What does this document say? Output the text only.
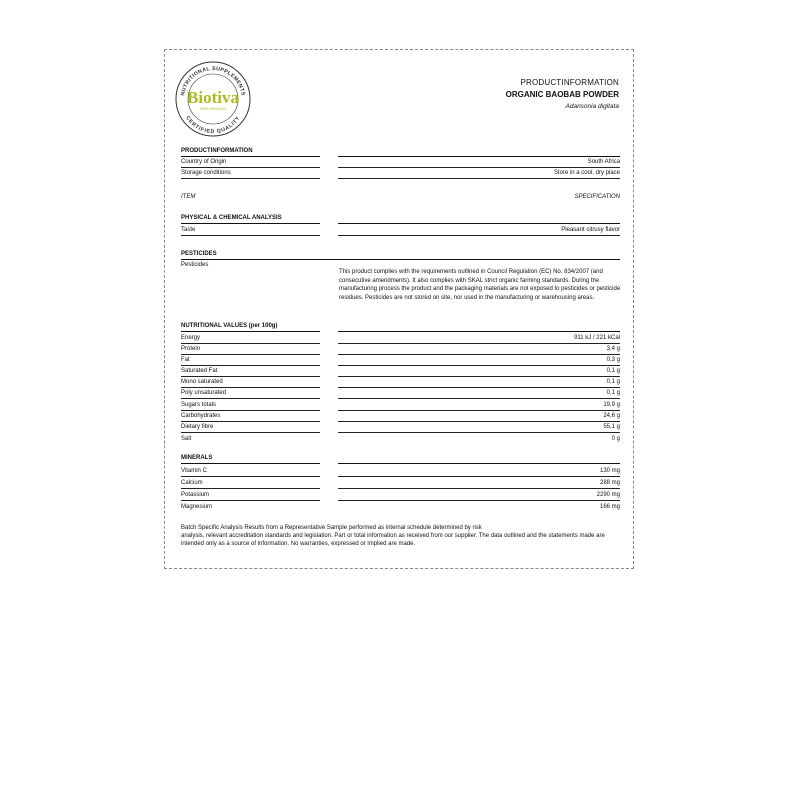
NUTRITIONAL SUPPLEMENTS
CERTIFIED QUALITY
Biotiva
100% ORGANIC
PRODUCTINFORMATION
ORGANIC BAOBAB POWDER
Adansonia digitata
PRODUCTINFORMATION
Country of Origin	South Africa
Storage conditions	Store in a cool, dry place
ITEM	SPECIFICATION
PHYSICAL & CHEMICAL ANALYSIS
Taste	Pleasant citrusy flavor
PESTICIDES
Pesticides
This product complies with the requirements outlined in Council Regulation (EC) No. 834/2007 (and consecutive amendments). It also complies with SKAL strict organic farming standards. During the manufacturing process the product and the packaging materials are not exposed to pesticides or pesticide residues. Pesticides are not stored on site, nor used in the manufacturing or warehousing areas.
NUTRITIONAL VALUES (per 100g)
Energy	911 kJ / 221 kCal
Protein	3,4 g
Fat	0,3 g
Saturated Fat	0,1 g
Mono saturated	0,1 g
Poly unsaturated	0,1 g
Sugars totals	19,9 g
Carbohydrates	24,6 g
Dietary fibre	55,1 g
Salt	0 g
MINERALS
Vitamin C	130 mg
Calcium	288 mg
Potassium	2290 mg
Magnesium	166 mg
Batch Specific Analysis Results from a Representative Sample performed as internal schedule determined by risk
analysis, relevant accreditation standards and legislation. Part or total information as received from our supplier. The data outlined and the statements made are intended only as a source of information. No warranties, expressed or implied are made.
